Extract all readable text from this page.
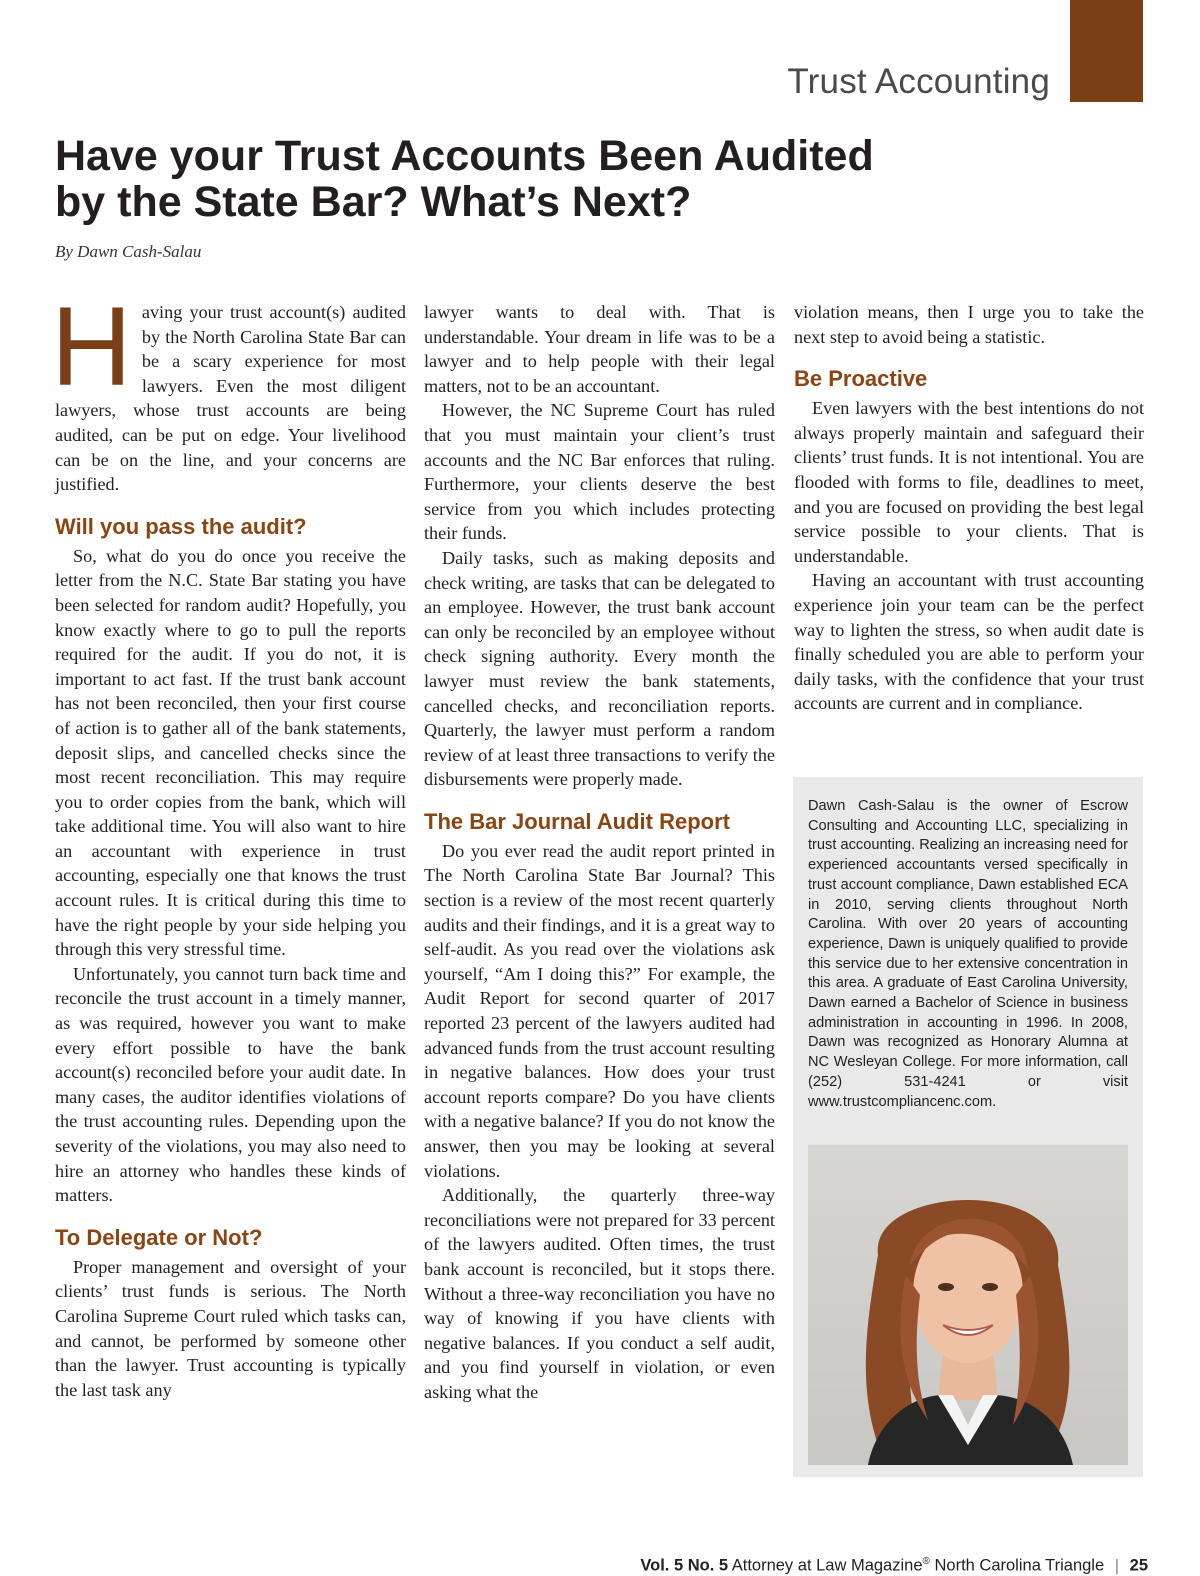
Trust Accounting
Have your Trust Accounts Been Audited
by the State Bar? What’s Next?
By Dawn Cash-Salau

Having your trust account(s) audited by the North Carolina State Bar can be a scary experience for most lawyers. Even the most diligent lawyers, whose trust accounts are being audited, can be put on edge. Your livelihood can be on the line, and your concerns are justified.

Will you pass the audit?

So, what do you do once you receive the letter from the N.C. State Bar stating you have been selected for random audit? Hopefully, you know exactly where to go to pull the reports required for the audit. If you do not, it is important to act fast. If the trust bank account has not been reconciled, then your first course of action is to gather all of the bank statements, deposit slips, and cancelled checks since the most recent reconciliation. This may require you to order copies from the bank, which will take additional time. You will also want to hire an accountant with experience in trust accounting, especially one that knows the trust account rules. It is critical during this time to have the right people by your side helping you through this very stressful time.

Unfortunately, you cannot turn back time and reconcile the trust account in a timely manner, as was required, however you want to make every effort possible to have the bank account(s) reconciled before your audit date. In many cases, the auditor identifies violations of the trust accounting rules. Depending upon the severity of the violations, you may also need to hire an attorney who handles these kinds of matters.

To Delegate or Not?

Proper management and oversight of your clients’ trust funds is serious. The North Carolina Supreme Court ruled which tasks can, and cannot, be performed by someone other than the lawyer. Trust accounting is typically the last task any

lawyer wants to deal with. That is understandable. Your dream in life was to be a lawyer and to help people with their legal matters, not to be an accountant.

However, the NC Supreme Court has ruled that you must maintain your client’s trust accounts and the NC Bar enforces that ruling. Furthermore, your clients deserve the best service from you which includes protecting their funds.

Daily tasks, such as making deposits and check writing, are tasks that can be delegated to an employee. However, the trust bank account can only be reconciled by an employee without check signing authority. Every month the lawyer must review the bank statements, cancelled checks, and reconciliation reports. Quarterly, the lawyer must perform a random review of at least three transactions to verify the disbursements were properly made.

The Bar Journal Audit Report

Do you ever read the audit report printed in The North Carolina State Bar Journal? This section is a review of the most recent quarterly audits and their findings, and it is a great way to self-audit. As you read over the violations ask yourself, “Am I doing this?” For example, the Audit Report for second quarter of 2017 reported 23 percent of the lawyers audited had advanced funds from the trust account resulting in negative balances. How does your trust account reports compare? Do you have clients with a negative balance? If you do not know the answer, then you may be looking at several violations.

Additionally, the quarterly three-way reconciliations were not prepared for 33 percent of the lawyers audited. Often times, the trust bank account is reconciled, but it stops there. Without a three-way reconciliation you have no way of knowing if you have clients with negative balances. If you conduct a self audit, and you find yourself in violation, or even asking what the

violation means, then I urge you to take the next step to avoid being a statistic.

Be Proactive

Even lawyers with the best intentions do not always properly maintain and safeguard their clients’ trust funds. It is not intentional. You are flooded with forms to file, deadlines to meet, and you are focused on providing the best legal service possible to your clients. That is understandable.

Having an accountant with trust accounting experience join your team can be the perfect way to lighten the stress, so when audit date is finally scheduled you are able to perform your daily tasks, with the confidence that your trust accounts are current and in compliance.

Dawn Cash-Salau is the owner of Escrow Consulting and Accounting LLC, specializing in trust accounting. Realizing an increasing need for experienced accountants versed specifically in trust account compliance, Dawn established ECA in 2010, serving clients throughout North Carolina. With over 20 years of accounting experience, Dawn is uniquely qualified to provide this service due to her extensive concentration in this area. A graduate of East Carolina University, Dawn earned a Bachelor of Science in business administration in accounting in 1996. In 2008, Dawn was recognized as Honorary Alumna at NC Wesleyan College. For more information, call (252) 531-4241 or visit www.trustcompliancenc.com.

Vol. 5 No. 5 Attorney at Law Magazine® North Carolina Triangle | 25
